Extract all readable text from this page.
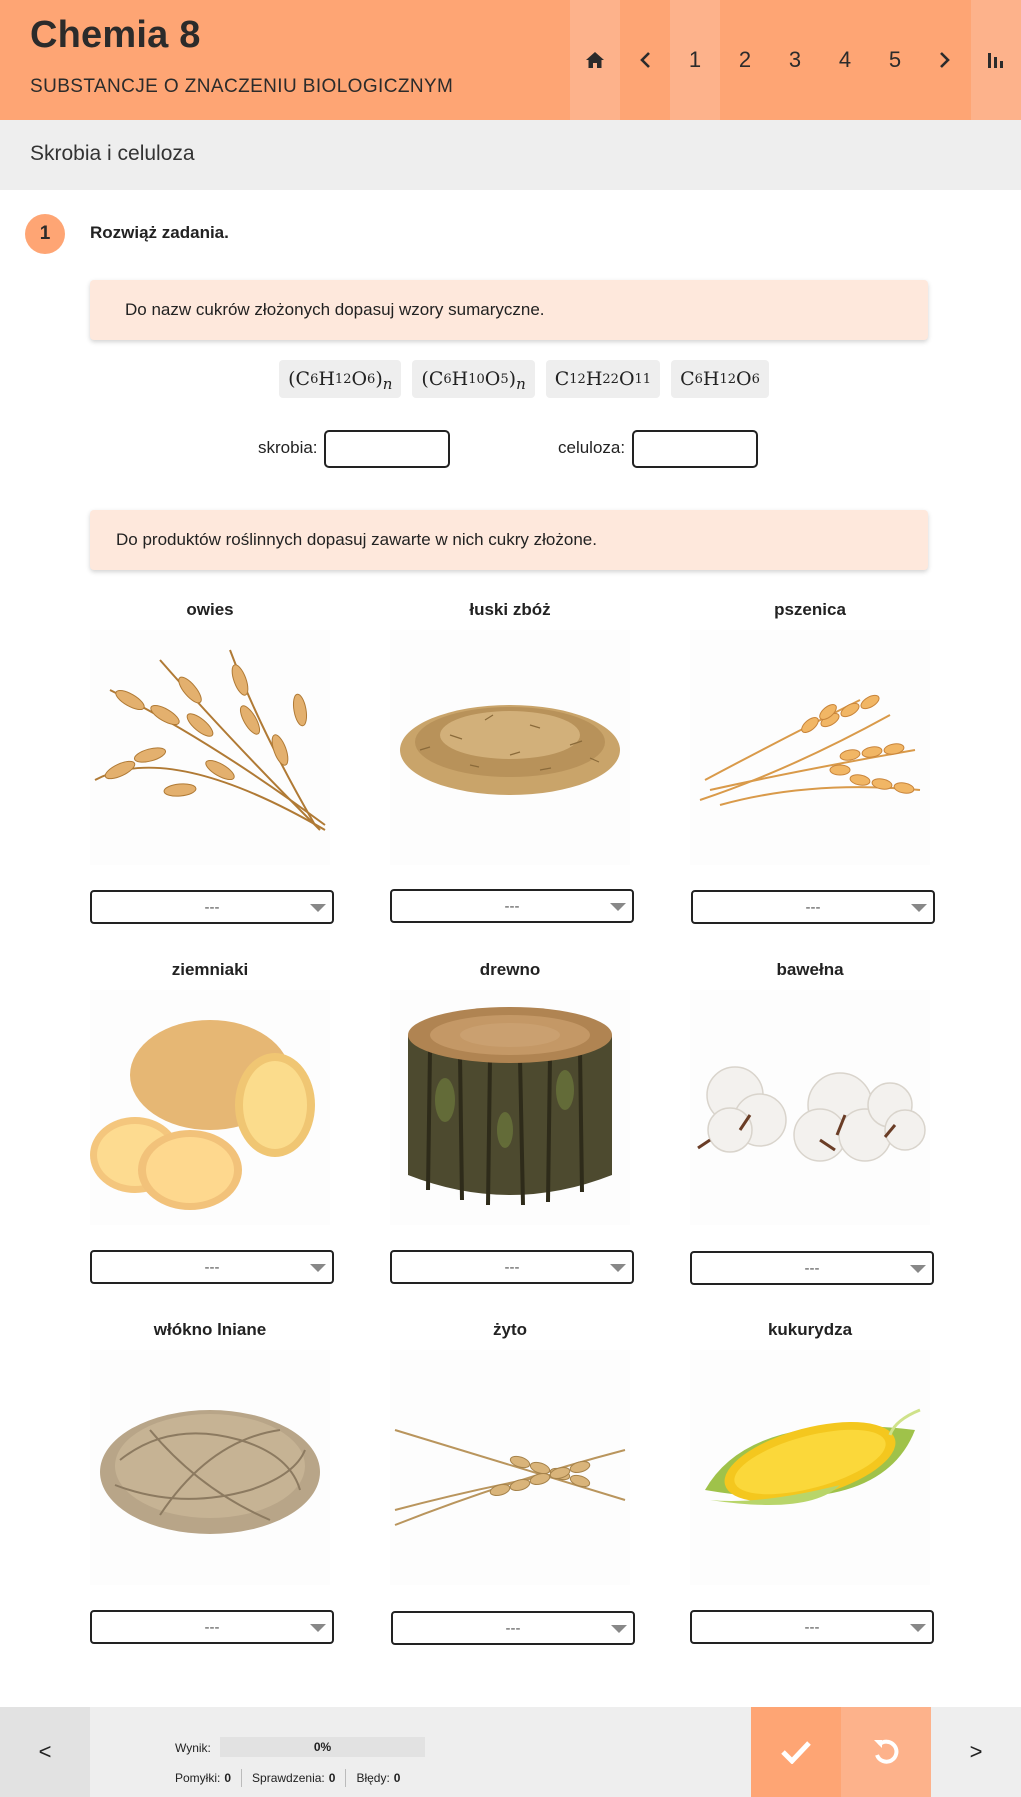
Chemia 8
SUBSTANCJE O ZNACZENIU BIOLOGICZNYM
1	2	3	4	5
Skrobia i celuloza
1	Rozwiąż zadania.
Do nazw cukrów złożonych dopasuj wzory sumaryczne.
(C 6 H 12 O 6 ) n (C 6 H 10 O 5 ) n C 12 H 22 O 11 C 6 H 12 O 6
skrobia:	celuloza:
Do produktów roślinnych dopasuj zawarte w nich cukry złożone.
owies
---
łuski zbóż
---
pszenica
---
ziemniaki
---
drewno
---
bawełna
---
włókno lniane
---
żyto
---
kukurydza
---
<	Wynik:	0%
Pomyłki: 0 Sprawdzenia: 0 Błędy: 0
>
